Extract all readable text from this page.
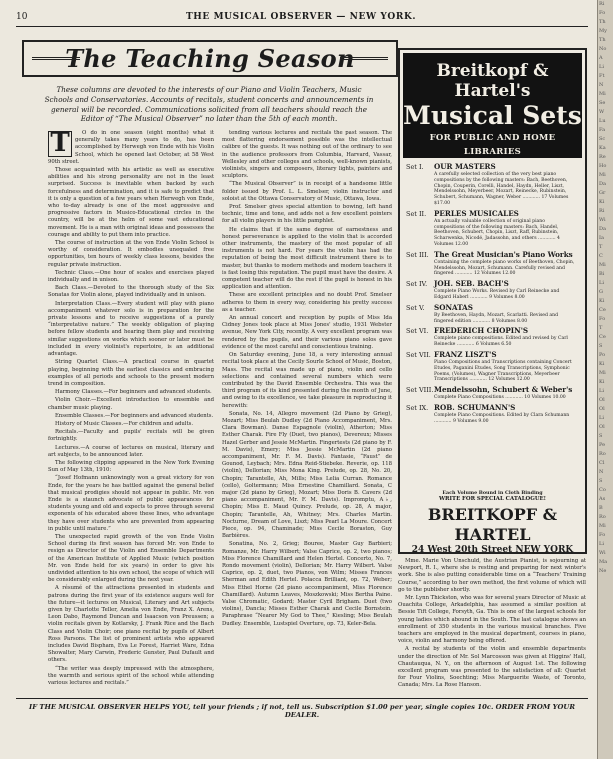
10	THE MUSICAL OBSERVER — NEW YORK.
The Teaching Season
These columns are devoted to the interests of our Piano and Violin Teachers, Music Schools and Conservatories. Accounts of recitals, student concerts and announcements in general will be recorded. Communications solicited from all teachers should reach the Editor of “The Musical Observer” no later than the 5th of each month.
T	O do in one season (eight months) what it generally takes many years to do, has been accomplished by Herwegh von Ende with his Violin School, which he opened last October, at 58 West 90th street.

Those acquainted with his artistic as well as executive abilities and his strong personality are not in the least surprised. Success is inevitable when backed by such forcefulness and determination, and it is safe to predict that it is only a question of a few years when Herwegh von Ende, who to-day already is one of the most aggressive and progressive factors in Musico-Educational circles in the country, will be at the helm of some vast educational movement. He is a man with original ideas and possesses the courage and ability to put them into practice.

The course of instruction at the von Ende Violin School is worthy of consideration. It embodies unequaled free opportunities, ten hours of weekly class lessons, besides the regular private instruction.

Technic Class.—One hour of scales and exercises played individually and in unison.

Bach Class.—Devoted to the thorough study of the Six Sonatas for Violin alone, played individually and in unison.

Interpretation Class.—Every student will play with piano accompaniment whatever solo is in preparation for the private lessons and to receive suggestions of a purely “interpretative nature.” The weekly obligation of playing before fellow students and hearing them play and receiving similar suggestions on works which sooner or later must be included in every violinist's repertoire, is an additional advantage.

String Quartet Class.—A practical course in quartet playing, beginning with the earliest classics and embracing examples of all periods and schools to the present modern trend in composition.

Harmony Classes.—For beginners and advanced students.

Violin Choir.—Excellent introduction to ensemble and chamber music playing.

Ensemble Classes.—For beginners and advanced students.

History of Music Classes.—For children and adults.

Recitals.—Faculty and pupils' recitals will be given fortnightly.

Lectures.—A course of lectures on musical, literary and art subjects, to be announced later.

The following clipping appeared in the New York Evening Sun of May 13th, 1910:

“Josef Hofmann unknowingly won a great victory for von Ende, for the years he has battled against the general belief that musical prodigies should not appear in public. Mr. von Ende is a staunch advocate of public appearances for students young and old and expects to prove through several exponents of his educated above these lines, who advantage they have over students who are prevented from appearing in public until mature.”

The unexpected rapid growth of the von Ende Violin School during its first season has forced Mr. von Ende to resign as Director of the Violin and Ensemble Departments of the American Institute of Applied Music (which position Mr. von Ende held for six years) in order to give his undivided attention to his own school, the scope of which will be considerably enlarged during the next year.

A résumé of the attractions presented in students and patrons during the first year of its existence augurs well for the future—it lectures on Musical, Literary and Art subjects given by Charlotte Teller, Amelia von Ende, Franz X. Arens, Leon Dabo, Raymond Duncan and Isaacson von Preussen; a violin recitals given by Kotlarsky, J. Frank Rice and the Bach Class and Violin Choir; one piano recital by pupils of Albert Ross Parsons. The list of prominent artists who appeared includes David Bispham, Eva Le Forest, Harriet Ware, Edna Showalter, Mary Carwin, Frederic Gunster, Paul Dufault and others.

“The writer was deeply impressed with the atmosphere, the warmth and serious spirit of the school while attending various lectures and recitals.”

tending various lectures and recitals the past season. The most flattering endorsement possible was the intellectual calibre of the guests. It was nothing out of the ordinary to see in the audience professors from Columbia, Harvard, Vassar, Wellesley and other colleges and schools, well-known pianists, violinists, singers and composers, literary lights, painters and sculptors.

“The Musical Observer” is in receipt of a handsome little folder issued by Prof. L. L. Smelser, violin instructor and soloist at the Ottawa Conservatory of Music, Ottawa, Iowa.

Prof. Smelser gives special attention to bowing, left hand technic, time and tone, and adds not a few excellent pointers for all violin players in his little pamphlet.

He claims that if the same degree of earnestness and honest perseverance is applied to the violin that is accorded other instruments, the mastery of the most popular of all instruments is not hard. For years the violin has had the reputation of being the most difficult instrument there is to master, but thanks to modern methods and modern teachers it is fast losing this reputation. The pupil must have the desire. A competent teacher will do the rest if the pupil is honest in his application and attention.

These are excellent principles and no doubt Prof. Smelser adheres to them in every way, considering his pretty success as a teacher.

An annual concert and reception by pupils of Miss Ida Cidney Jones took place at Miss Jones' studio, 1931 Webster avenue, New York City, recently. A very excellent program was rendered by the pupils, and their various piano solos gave evidence of the most careful and conscientious training.

On Saturday evening, June 18, a very interesting annual recital took place at the Cecily Sourle School of Music, Boston, Mass. The recital was made up of piano, violin and cello selections and contained several numbers which were contributed by the David Ensemble Orchestra. This was the third program of its kind presented during the month of June, and owing to its excellence, we take pleasure in reproducing it herewith:

Sonata, No. 14, Allegro movement (2d Piano by Grieg), Mozart; Miss Beulah Dudley (2d Piano Accompaniment, Mrs. Clara Bowman). Danse Espagnole (violin), Atherton; Miss Esther Charak. Fire Fly (Duet, two pianos), Devereux; Misses Hazel Gerber and Jessie McMartin. Fingertests (2d piano by F. M. Davis), Emery; Miss Jessie McMartin (2d piano accompaniment, Mr. F. M. Davis). Fantasie, “Faust” de Gounod, Leybach; Mrs. Edna Reid-Stiebeke. Reverie, op. 118 (violin), Dellorian; Miss Mona King. Prelude, op. 28, No. 20, Chopin; Tarantelle, Ah, Mills; Miss Lelia Curran. Romance (cello), Goltermann; Miss Ernestine Chamillard. Sonata, C major (2d piano by Grieg), Mozart; Miss Doris B. Cavers (2d piano accompaniment, Mr. F. M. Davis). Impromptu, A♭, Chopin; Miss E. Maud Quincy. Prelude, op. 28, A major, Chopin; Tarantelle, Ah, Whitney; Mrs. Charles Martin. Nocturne, Dream of Love, Liszt; Miss Pearl La Moure. Concert Piece, op. 94, Chaminade; Miss Cecile Boraston, Guy Barbières.

Sonatina, No. 2, Grieg; Bouree, Master Guy Barbieri; Romanze, Mr. Harry Wilbert; Valse Caprice, op. 2, two pianos; Miss Florence Chamillard and Helen Hertel. Concerto, No. 7, Rondo movement (violin), Dellorian; Mr. Harry Wilbert. Valse Caprice, op. 2, duet, two Pianos, von Wilm; Misses Frances Sherman and Edith Hertel. Polacca Brilliant, op. 72, Weber; Miss Ethel Horne (2d piano accompaniment, Miss Florence Chamillard). Autumn Leaves, Moszkowski; Miss Bertha Paine. Valse Chromatic, Godard; Master Cyril Brigham. Duet (two violins), Dancla; Misses Esther Charak and Cecile Bornstein. Paraphrase “Nearer My God to Thee,” Kiesling; Miss Beulah Dudley. Ensemble, Lustspiel Overture, op. 73, Keler-Bela.

Breitkopf & Hartel's
Musical Sets
FOR PUBLIC AND HOME LIBRARIES
Set I. OUR MASTERS
A carefully selected collection of the very best piano compositions by the following masters: Bach, Beethoven, Chopin, Couperin, Corelli, Handel, Haydn, Heller, Liszt, Mendelssohn, Meyerbeer, Mozart, Reinecke, Rubinstein, Schubert, Schumann, Wagner, Weber ............ 17 Volumes $17.00
Set II. PERLES MUSICALES
An actually valuable collection of original piano compositions of the following masters: Bach, Handel, Beethoven, Schubert, Chopin, Liszt, Raff, Rubinstein, Scharwenka, Nicodé, Jadassohn, and others ............ 4 Volumes 12.00
Set III. The Great Musician's Piano Works
Containing the complete piano works of Beethoven, Chopin, Mendelssohn, Mozart, Schumann. Carefully revised and fingered ............ 12 Volumes 12.00
Set IV. JOH. SEB. BACH'S
Complete Piano Works. Revised by Carl Reinecke and Edgard Haberl ............ 9 Volumes 8.00
Set V. SONATAS
By Beethoven, Haydn, Mozart, Scarlatti. Revised and fingered edition ............ 8 Volumes 8.00
Set VI. FREDERICH CHOPIN'S
Complete piano compositions. Edited and revised by Carl Reinecke ............ 6 Volumes 6.50
Set VII. FRANZ LISZT'S
Piano Compositions and Transcriptions containing Concert Etudes, Paganini Etudes, Song Transcriptions, Symphonic Poems, (Volumes), Wagner Transcriptions, Meyerbeer Transcriptions ............ 12 Volumes 12.00
Set VIII.Mendelssohn, Schubert & Weber's
Complete Piano Compositions ............ 10 Volumes 10.00
Set IX. ROB. SCHUMANN'S
Complete Piano Compositions. Edited by Clara Schumann ............ 9 Volumes 9.00
Each Volume Bound in Cloth Binding
WRITE FOR SPECIAL CATALOGUE!
BREITKOPF & HARTEL
24 West 20th Street NEW YORK

Mme. Marie Von Unschuld, the Austrian Pianist, is sojourning at Newport, R. I., where she is resting and preparing for next winter's work. She is also putting considerable time on a “Teachers' Training Course,” according to her own method, the first volume of which will go to the publisher shortly.

Mr. Lynn Thickston, who was for several years Director of Music at Ouachita College, Arkadelphia, has assumed a similar position at Bessie Tift College, Forsyth, Ga. This is one of the largest schools for young ladies which abound in the South. The last catalogue shows an enrollment of 350 students in the various musical branches. Five teachers are employed in the musical department, courses in piano, voice, violin and harmony being offered.

A recital by students of the violin and ensemble departments under the direction of Mr. Sol Marcosson was given at Higgins' Hall, Chautauqua, N. Y., on the afternoon of August 1st. The following excellent program was presented to the satisfaction of all: Quartet for Four Violins, Soechting; Miss Marguerite Waste, of Toronto, Canada; Mrs. La Rose Hanson.

IF THE MUSICAL OBSERVER HELPS YOU, tell your friends ; if not, tell us. Subscription $1.00 per year, single copies 10c. ORDER FROM YOUR DEALER.
Ri
Fo
Th
My
Th
No
A
Li
Ft
N
Mi
Se
W
Lu
Fa
Sc
Ka
Re
Ho
Mi
Da
Gr
Ki
Ri
Wi
Da
Ia
T
C
Mi
Bi
Li
G
Ki
Ce
Fo
T
Ce
S
Po
Ki
Mi
Ki
Li
Ol
Ol
Li
Ol
S
Pe
Ro
Cl
N
S
Co
As
B
Ro
Mi
Fo
Li
Wi
Ma
Ne
